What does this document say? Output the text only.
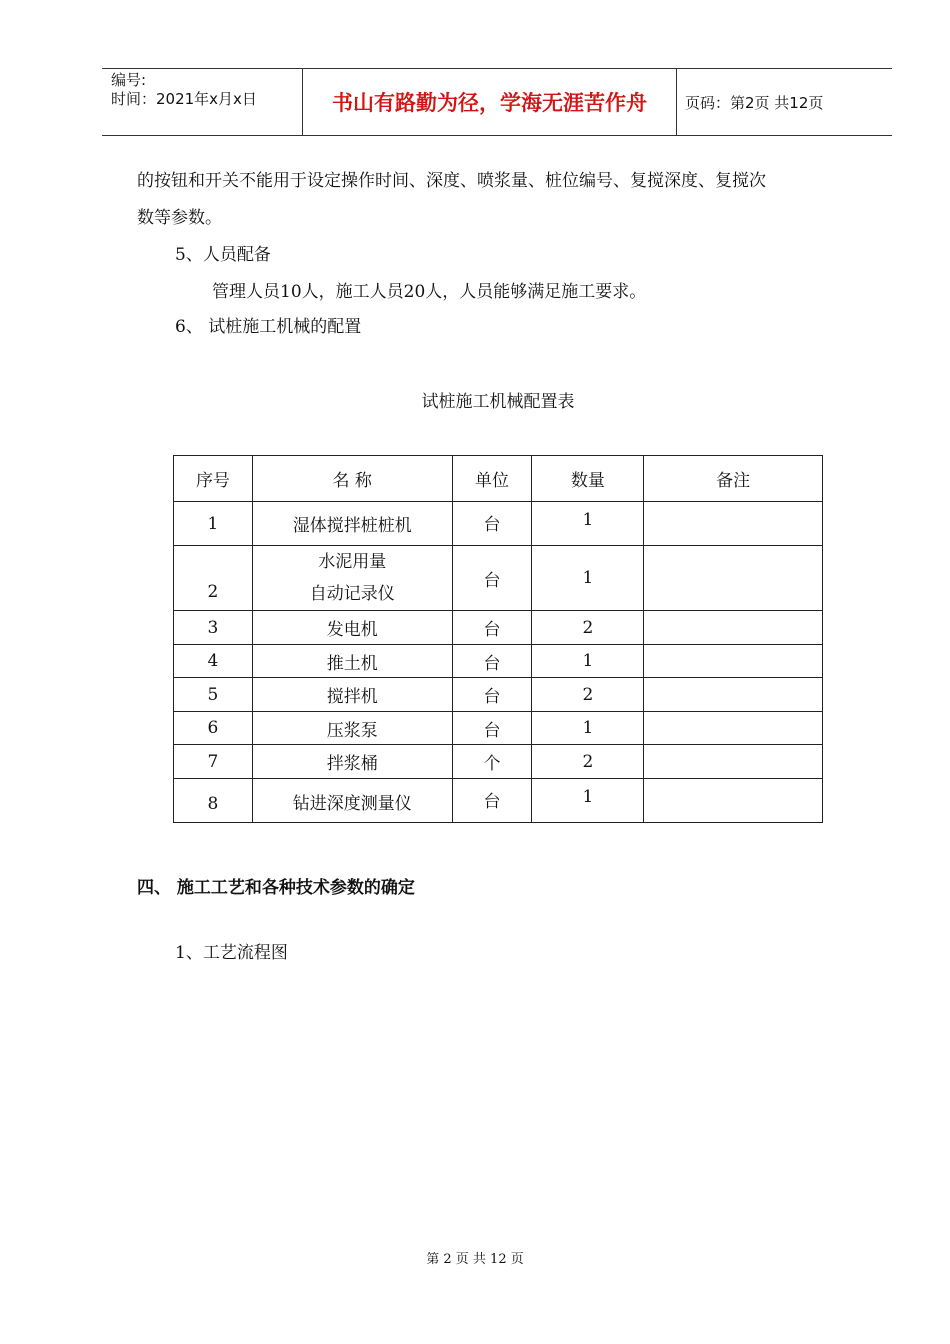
编号:
时间：2021年x月x日	书山有路勤为径，学海无涯苦作舟	页码：第2页 共12页
的按钮和开关不能用于设定操作时间、深度、喷浆量、桩位编号、复搅深度、复搅次
数等参数。
5、人员配备
管理人员10人，施工人员20人，人员能够满足施工要求。
6、 试桩施工机械的配置
试桩施工机械配置表
序号	名 称	单位	数量	备注
1	湿体搅拌桩桩机	台	1	
2	水泥用量
自动记录仪	台	1	
3	发电机	台	2	
4	推土机	台	1	
5	搅拌机	台	2	
6	压浆泵	台	1	
7	拌浆桶	个	2	
8	钻进深度测量仪	台	1	
四、 施工工艺和各种技术参数的确定
1、工艺流程图
第 2 页 共 12 页
